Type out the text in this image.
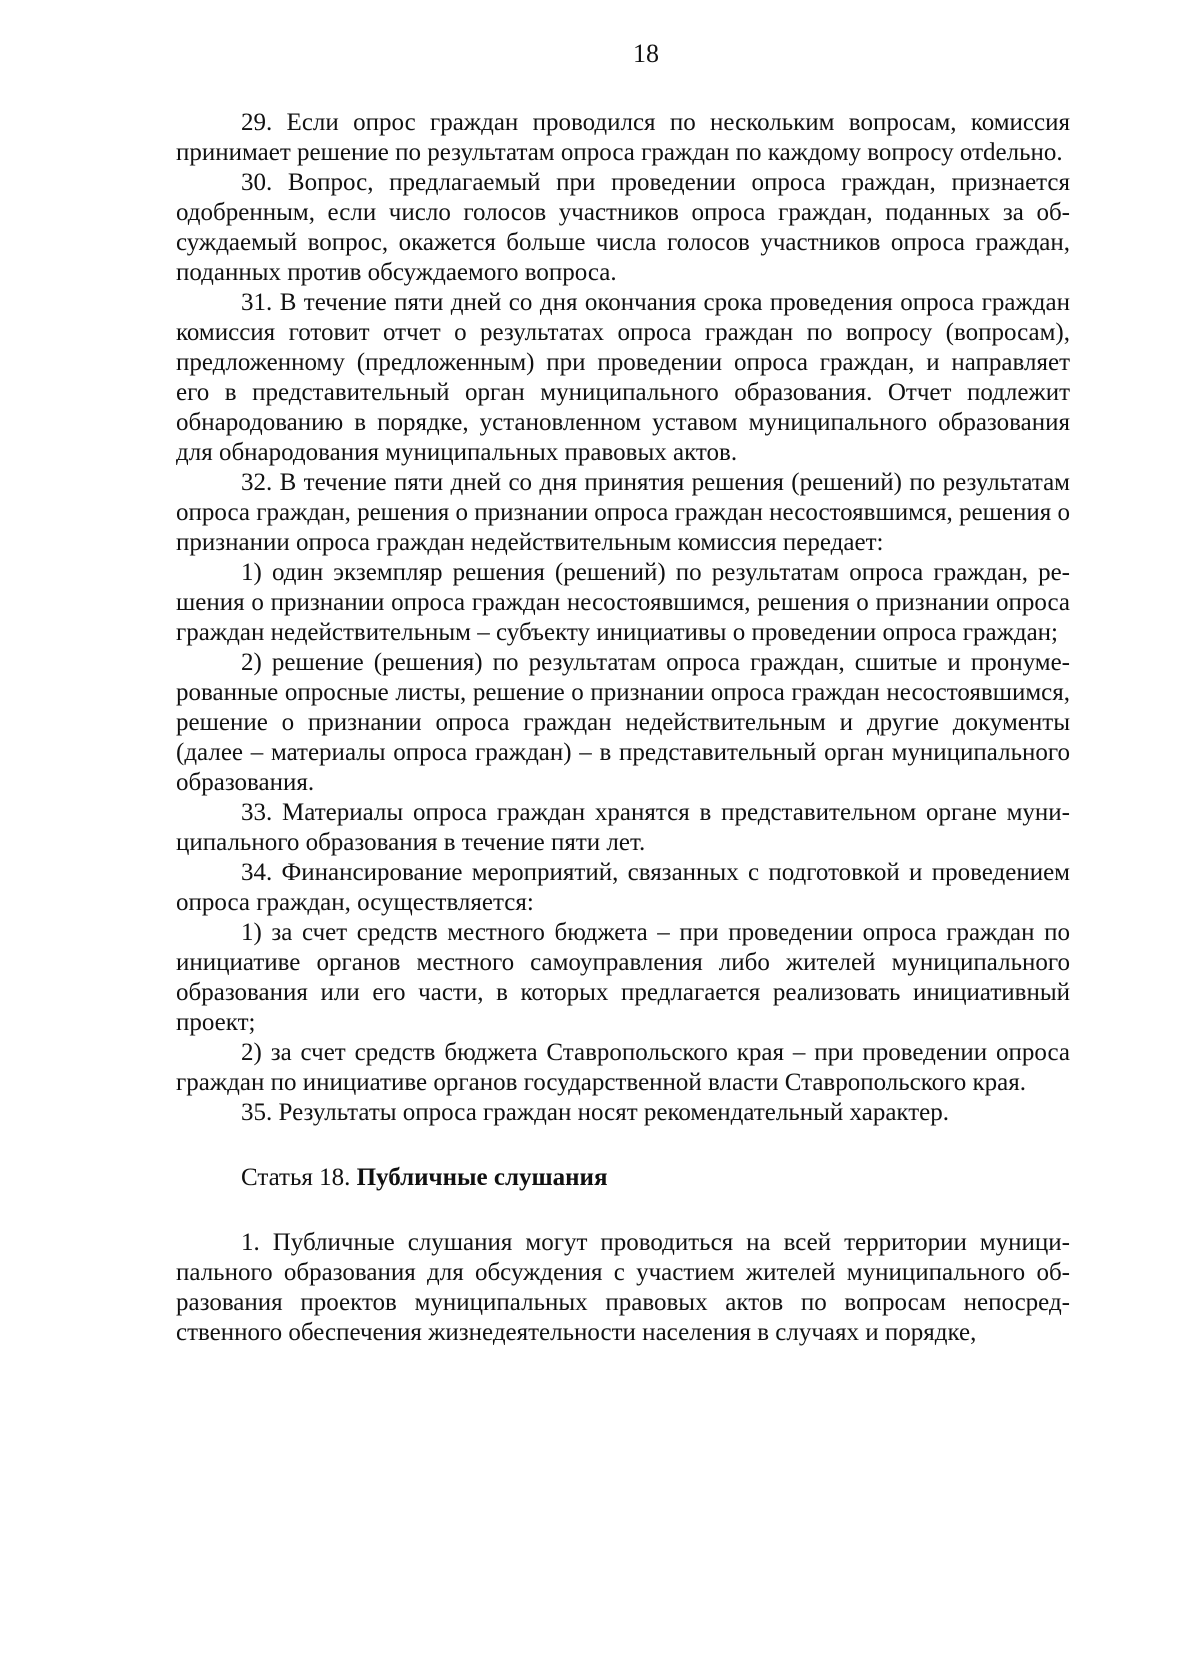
18

29. Если опрос граждан проводился по нескольким вопросам, комиссия принимает решение по результатам опроса граждан по каждому вопросу отdельно.

30. Вопрос, предлагаемый при проведении опроса граждан, признается одобренным, если число голосов участников опроса граждан, поданных за обсуждаемый вопрос, окажется больше числа голосов участников опроса граждан, поданных против обсуждаемого вопроса.

31. В течение пяти дней со дня окончания срока проведения опроса граждан комиссия готовит отчет о результатах опроса граждан по вопросу (вопросам), предложенному (предложенным) при проведении опроса граждан, и направляет его в представительный орган муниципального образования. Отчет подлежит обнародованию в порядке, установленном уставом муниципального образования для обнародования муниципальных правовых актов.

32. В течение пяти дней со дня принятия решения (решений) по результатам опроса граждан, решения о признании опроса граждан несостоявшимся, решения о признании опроса граждан недействительным комиссия передает:

1) один экземпляр решения (решений) по результатам опроса граждан, решения о признании опроса граждан несостоявшимся, решения о признании опроса граждан недействительным – субъекту инициативы о проведении опроса граждан;

2) решение (решения) по результатам опроса граждан, сшитые и пронумерованные опросные листы, решение о признании опроса граждан несостоявшимся, решение о признании опроса граждан недействительным и другие документы (далее – материалы опроса граждан) – в представительный орган муниципального образования.

33. Материалы опроса граждан хранятся в представительном органе муниципального образования в течение пяти лет.

34. Финансирование мероприятий, связанных с подготовкой и проведением опроса граждан, осуществляется:

1) за счет средств местного бюджета – при проведении опроса граждан по инициативе органов местного самоуправления либо жителей муниципального образования или его части, в которых предлагается реализовать инициативный проект;

2) за счет средств бюджета Ставропольского края – при проведении опроса граждан по инициативе органов государственной власти Ставропольского края.

35. Результаты опроса граждан носят рекомендательный характер.

Статья 18. Публичные слушания

1. Публичные слушания могут проводиться на всей территории муниципального образования для обсуждения с участием жителей муниципального образования проектов муниципальных правовых актов по вопросам непосредственного обеспечения жизнедеятельности населения в случаях и порядке,
